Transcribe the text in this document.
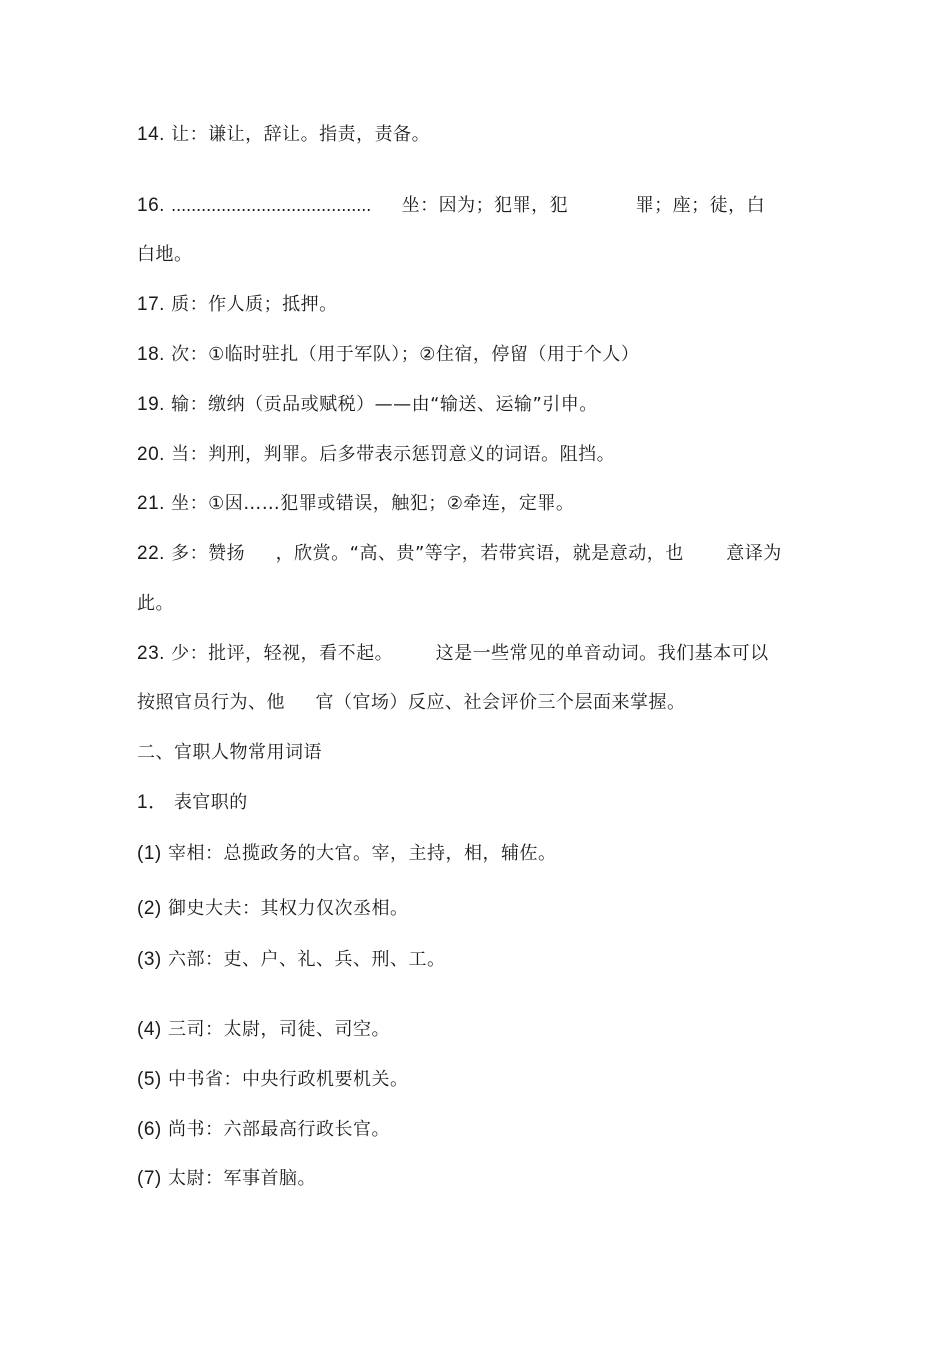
14. 让：谦让，辞让。指责，责备。
16. ........................................ 坐：因为；犯罪，犯	罪；座；徒，白
白地。
17. 质：作人质；抵押。
18. 次：①临时驻扎（用于军队）；②住宿，停留（用于个人）
19. 输：缴纳（贡品或赋税）——由“输送、运输”引申。
20. 当：判刑，判罪。后多带表示惩罚意义的词语。阻挡。
21. 坐：①因……犯罪或错误，触犯；②牵连，定罪。
22. 多：赞扬 ，欣赏。“高、贵”等字，若带宾语，就是意动，也 意译为
此。
23. 少：批评，轻视，看不起。 这是一些常见的单音动词。我们基本可以
按照官员行为、他 官（官场）反应、社会评价三个层面来掌握。
二、官职人物常用词语
1． 表官职的
(1) 宰相：总揽政务的大官。宰，主持，相，辅佐。
(2) 御史大夫：其权力仅次丞相。
(3) 六部：吏、户、礼、兵、刑、工。
(4) 三司：太尉，司徒、司空。
(5) 中书省：中央行政机要机关。
(6) 尚书：六部最高行政长官。
(7) 太尉：军事首脑。
